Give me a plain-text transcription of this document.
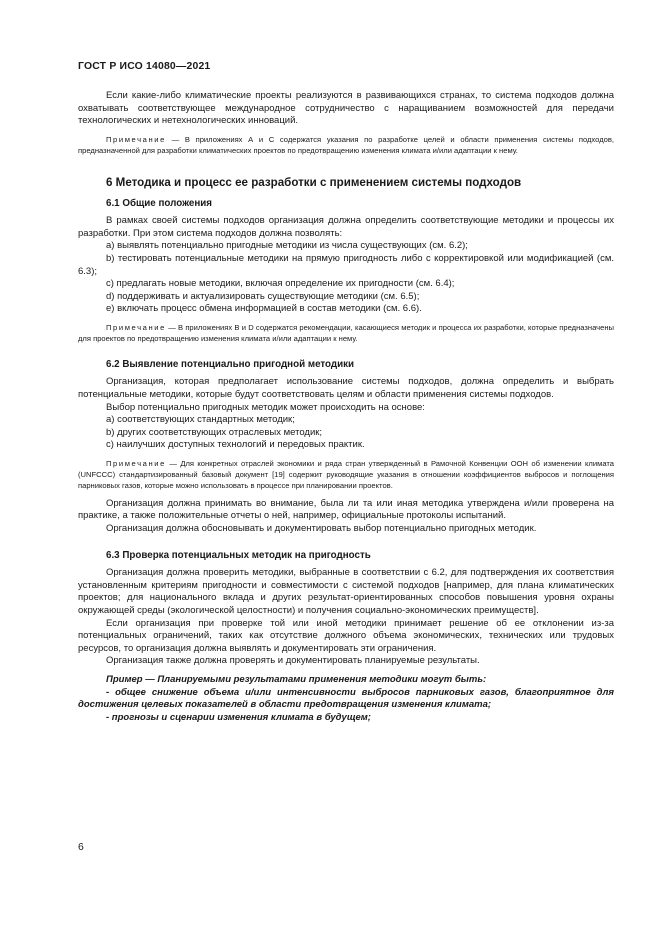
ГОСТ Р ИСО 14080—2021

Если какие-либо климатические проекты реализуются в развивающихся странах, то система подходов должна охватывать соответствующее международное сотрудничество с наращиванием возможностей для передачи технологических и нетехнологических инноваций.

Примечание — В приложениях А и С содержатся указания по разработке целей и области применения системы подходов, предназначенной для разработки климатических проектов по предотвращению изменения климата и/или адаптации к нему.

6 Методика и процесс ее разработки с применением системы подходов

6.1 Общие положения

В рамках своей системы подходов организация должна определить соответствующие методики и процессы их разработки. При этом система подходов должна позволять:

a) выявлять потенциально пригодные методики из числа существующих (см. 6.2);

b) тестировать потенциальные методики на прямую пригодность либо с корректировкой или модификацией (см. 6.3);

c) предлагать новые методики, включая определение их пригодности (см. 6.4);

d) поддерживать и актуализировать существующие методики (см. 6.5);

e) включать процесс обмена информацией в состав методики (см. 6.6).

Примечание — В приложениях В и D содержатся рекомендации, касающиеся методик и процесса их разработки, которые предназначены для проектов по предотвращению изменения климата и/или адаптации к нему.

6.2 Выявление потенциально пригодной методики

Организация, которая предполагает использование системы подходов, должна определить и выбрать потенциальные методики, которые будут соответствовать целям и области применения системы подходов.

Выбор потенциально пригодных методик может происходить на основе:

a) соответствующих стандартных методик;

b) других соответствующих отраслевых методик;

c) наилучших доступных технологий и передовых практик.

Примечание — Для конкретных отраслей экономики и ряда стран утвержденный в Рамочной Конвенции ООН об изменении климата (UNFCCC) стандартизированный базовый документ [19] содержит руководящие указания в отношении коэффициентов выбросов и поглощения парниковых газов, которые можно использовать в процессе при планировании проектов.

Организация должна принимать во внимание, была ли та или иная методика утверждена и/или проверена на практике, а также положительные отчеты о ней, например, официальные протоколы испытаний.

Организация должна обосновывать и документировать выбор потенциально пригодных методик.

6.3 Проверка потенциальных методик на пригодность

Организация должна проверить методики, выбранные в соответствии с 6.2, для подтверждения их соответствия установленным критериям пригодности и совместимости с системой подходов [например, для плана климатических проектов; для национального вклада и других результат-ориентированных способов повышения уровня охраны окружающей среды (экологической целостности) и получения социально-экономических преимуществ].

Если организация при проверке той или иной методики принимает решение об ее отклонении из-за потенциальных ограничений, таких как отсутствие должного объема экономических, технических или трудовых ресурсов, то организация должна выявлять и документировать эти ограничения.

Организация также должна проверять и документировать планируемые результаты.

Пример — Планируемыми результатами применения методики могут быть:

- общее снижение объема и/или интенсивности выбросов парниковых газов, благоприятное для достижения целевых показателей в области предотвращения изменения климата;

- прогнозы и сценарии изменения климата в будущем;

6
